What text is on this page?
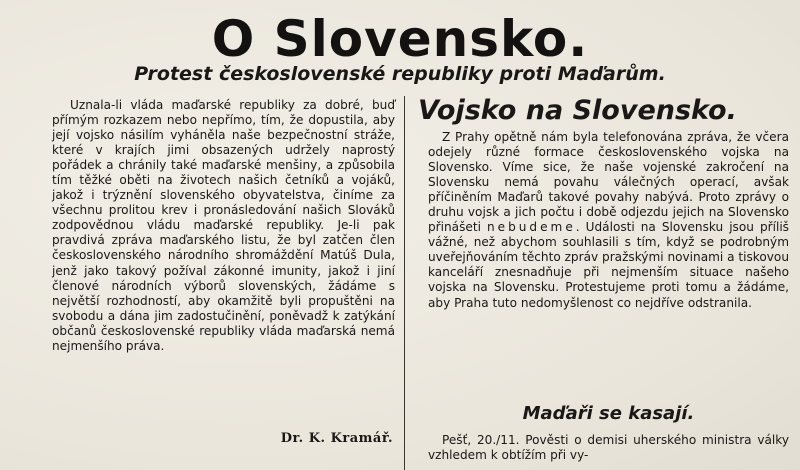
O Slovensko.
Protest československé republiky proti Maďarům.

Uznala-li vláda maďarské republiky za dobré, buď přímým rozkazem nebo nepřímo, tím, že dopustila, aby její vojsko násilím vyháněla naše bezpečnostní stráže, které v krajích jimi obsazených udržely naprostý pořádek a chránily také maďarské menšiny, a způsobila tím těžké oběti na životech našich četníků a vojáků, jakož i trýznění slovenského obyvatelstva, činíme za všechnu prolitou krev i pronásledování našich Slováků zodpovědnou vládu maďarské republiky. Je-li pak pravdivá zpráva maďarského listu, že byl zatčen člen československého národního shromáždění Matúš Dula, jenž jako takový požíval zákonné imunity, jakož i jiní členové národních výborů slovenských, žádáme s největší rozhodností, aby okamžitě byli propuštěni na svobodu a dána jim zadostučinění, poněvadž k zatýkání občanů československé republiky vláda maďarská nemá nejmenšího práva.

Dr. K. Kramář.
Vojsko na Slovensko.

Z Prahy opětně nám byla telefonována zpráva, že včera odejely různé formace československého vojska na Slovensko. Víme sice, že naše vojenské zakročení na Slovensku nemá povahu válečných operací, avšak příčiněním Maďarů takové povahy nabývá. Proto zprávy o druhu vojsk a jich počtu i době odjezdu jejich na Slovensko přinášeti nebudeme. Události na Slovensku jsou příliš vážné, než abychom souhlasili s tím, když se podrobným uveřejňováním těchto zpráv pražskými novinami a tiskovou kanceláří znesnadňuje při nejmenším situace našeho vojska na Slovensku. Protestujeme proti tomu a žádáme, aby Praha tuto nedomyšlenost co nejdříve odstranila.

Maďaři se kasají.

Pešť, 20./11. Pověsti o demisi uherského ministra války vzhledem k obtížím při vy-
